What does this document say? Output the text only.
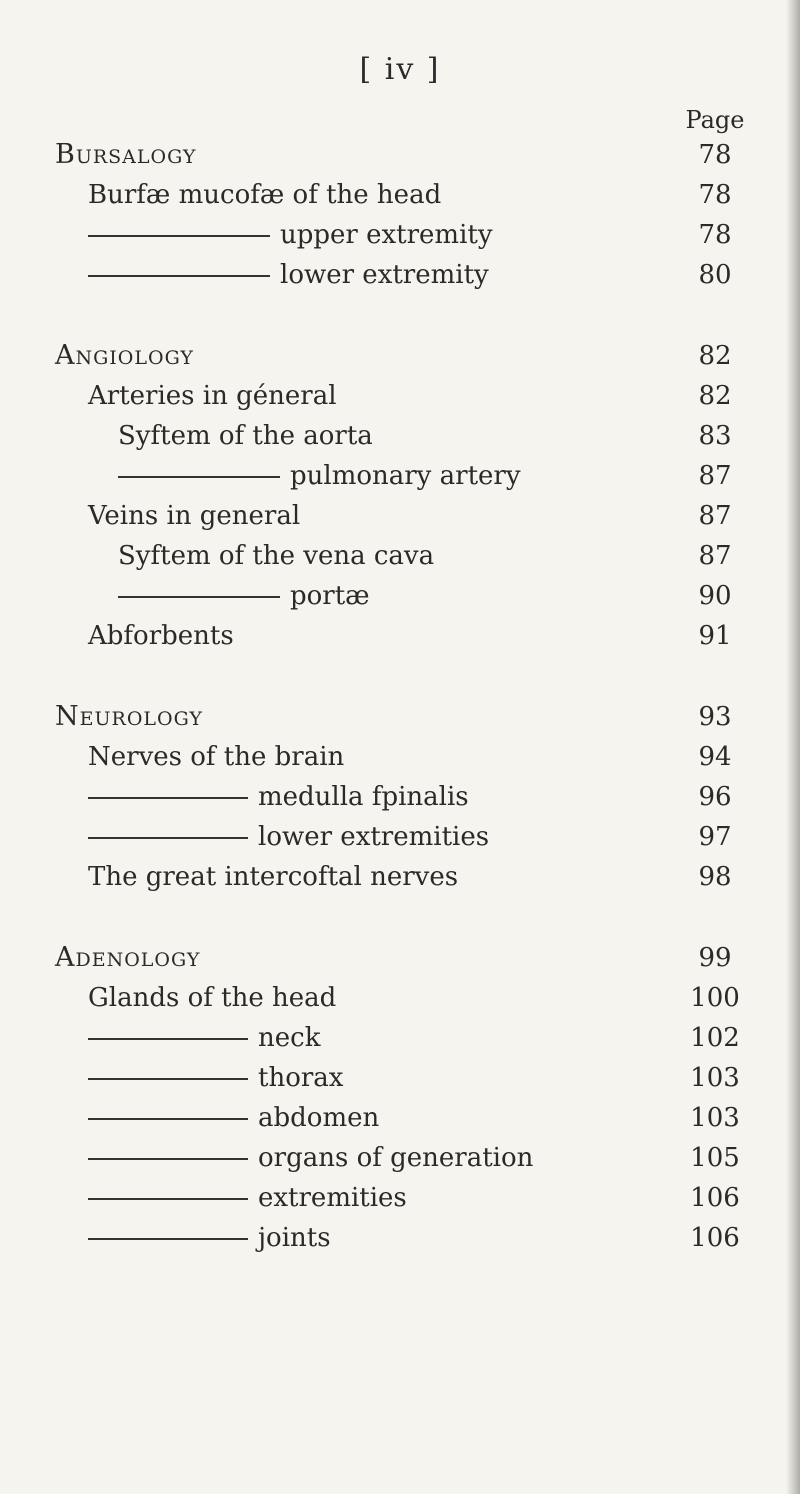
[ iv ]
Page
Bursalogy	78
Burfæ mucofæ of the head	78
upper extremity	78
lower extremity	80
Angiology	82
Arteries in géneral	82
Syftem of the aorta	83
pulmonary artery	87
Veins in general	87
Syftem of the vena cava	87
portæ	90
Abforbents	91
Neurology	93
Nerves of the brain	94
medulla fpinalis	96
lower extremities	97
The great intercoftal nerves	98
Adenology	99
Glands of the head	100
neck	102
thorax	103
abdomen	103
organs of generation	105
extremities	106
joints	106
